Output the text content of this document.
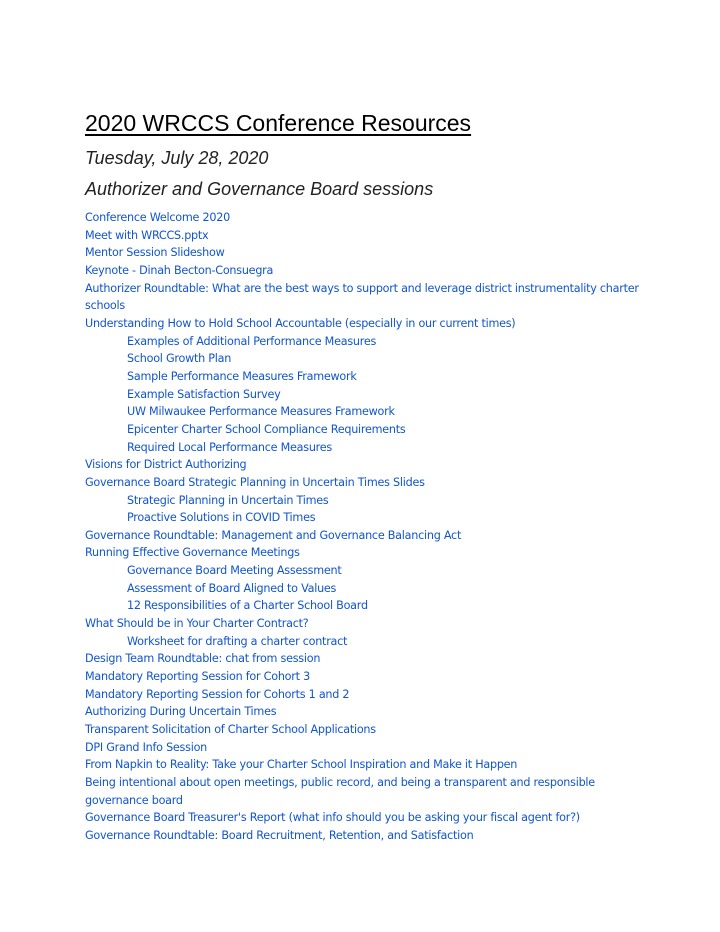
2020 WRCCS Conference Resources

Tuesday, July 28, 2020

Authorizer and Governance Board sessions

Conference Welcome 2020
Meet with WRCCS.pptx
Mentor Session Slideshow
Keynote - Dinah Becton-Consuegra
Authorizer Roundtable: What are the best ways to support and leverage district instrumentality charter schools
Understanding How to Hold School Accountable (especially in our current times)
Examples of Additional Performance Measures
School Growth Plan
Sample Performance Measures Framework
Example Satisfaction Survey
UW Milwaukee Performance Measures Framework
Epicenter Charter School Compliance Requirements
Required Local Performance Measures
Visions for District Authorizing
Governance Board Strategic Planning in Uncertain Times Slides
Strategic Planning in Uncertain Times
Proactive Solutions in COVID Times
Governance Roundtable: Management and Governance Balancing Act
Running Effective Governance Meetings
Governance Board Meeting Assessment
Assessment of Board Aligned to Values
12 Responsibilities of a Charter School Board
What Should be in Your Charter Contract?
Worksheet for drafting a charter contract
Design Team Roundtable: chat from session
Mandatory Reporting Session for Cohort 3
Mandatory Reporting Session for Cohorts 1 and 2
Authorizing During Uncertain Times
Transparent Solicitation of Charter School Applications
DPI Grand Info Session
From Napkin to Reality: Take your Charter School Inspiration and Make it Happen
Being intentional about open meetings, public record, and being a transparent and responsible governance board
Governance Board Treasurer's Report (what info should you be asking your fiscal agent for?)
Governance Roundtable: Board Recruitment, Retention, and Satisfaction
